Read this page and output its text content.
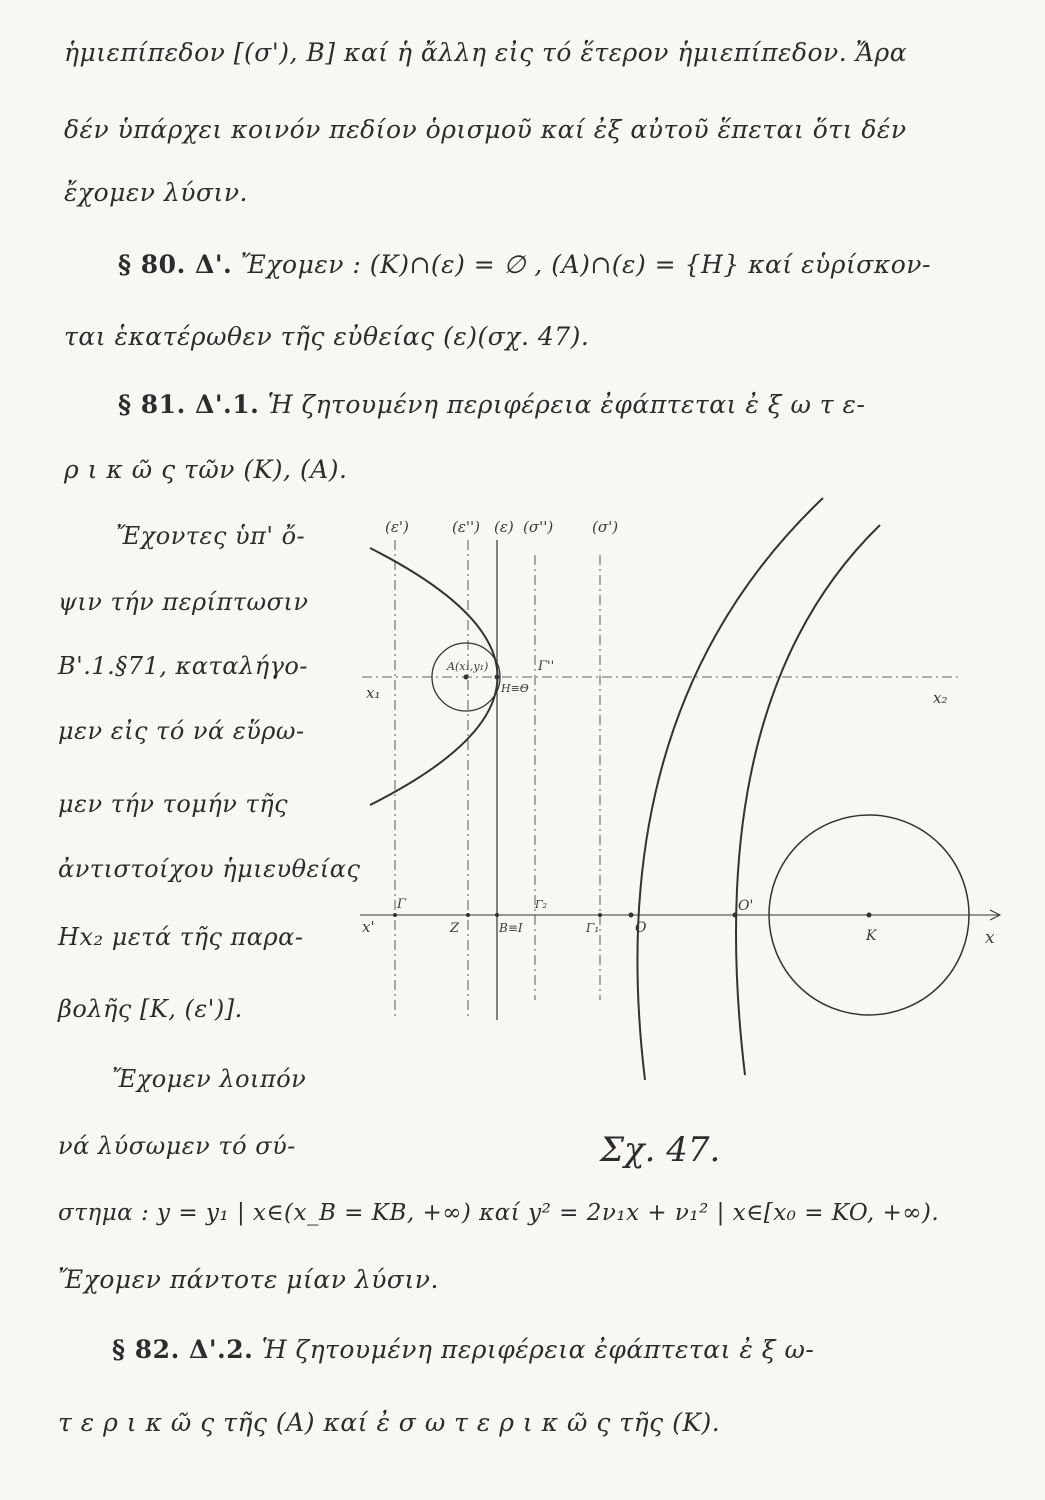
ἡμιεπίπεδον [(σ'), Β] καί ἡ ἄλλη εἰς τό ἕτερον ἡμιεπίπεδον. Ἄρα
δέν ὑπάρχει κοινόν πεδίον ὁρισμοῦ καί ἐξ αὐτοῦ ἕπεται ὅτι δέν
ἔχομεν λύσιν.
§ 80. Δ'. Ἔχομεν : (Κ)∩(ε) = ∅ , (Α)∩(ε) = {Η} καί εὑρίσκον-
ται ἑκατέρωθεν τῆς εὐθείας (ε)(σχ. 47).
§ 81. Δ'.1. Ἡ ζητουμένη περιφέρεια ἐφάπτεται ἐ ξ ω τ ε-
ρ ι κ ῶ ς τῶν (Κ), (Α).
Ἔχοντες ὑπ' ὄ-
ψιν τήν περίπτωσιν
Β'.1.§71, καταλήγο-
μεν εἰς τό νά εὕρω-
μεν τήν τομήν τῆς
ἀντιστοίχου ἡμιευθείας
Ηx₂ μετά τῆς παρα-
βολῆς [Κ, (ε')].
Ἔχομεν λοιπόν
νά λύσωμεν τό σύ-
στημα : y = y₁ | x∈(x_B = KB, +∞) καί y² = 2ν₁x + ν₁² | x∈[x₀ = KO, +∞).
Ἔχομεν πάντοτε μίαν λύσιν.
§ 82. Δ'.2. Ἡ ζητουμένη περιφέρεια ἐφάπτεται ἐ ξ ω-
τ ε ρ ι κ ῶ ς τῆς (Α) καί ἐ σ ω τ ε ρ ι κ ῶ ς τῆς (Κ).
(ε')	(ε'') (ε) (σ'')	(σ')
A(x₁,y₁)
H≡Θ
Γ''
x₁	x₂
x'
x
Γ
Z	B≡I
Γ₂
Γ₁	O
O'
K
Σχ. 47.
